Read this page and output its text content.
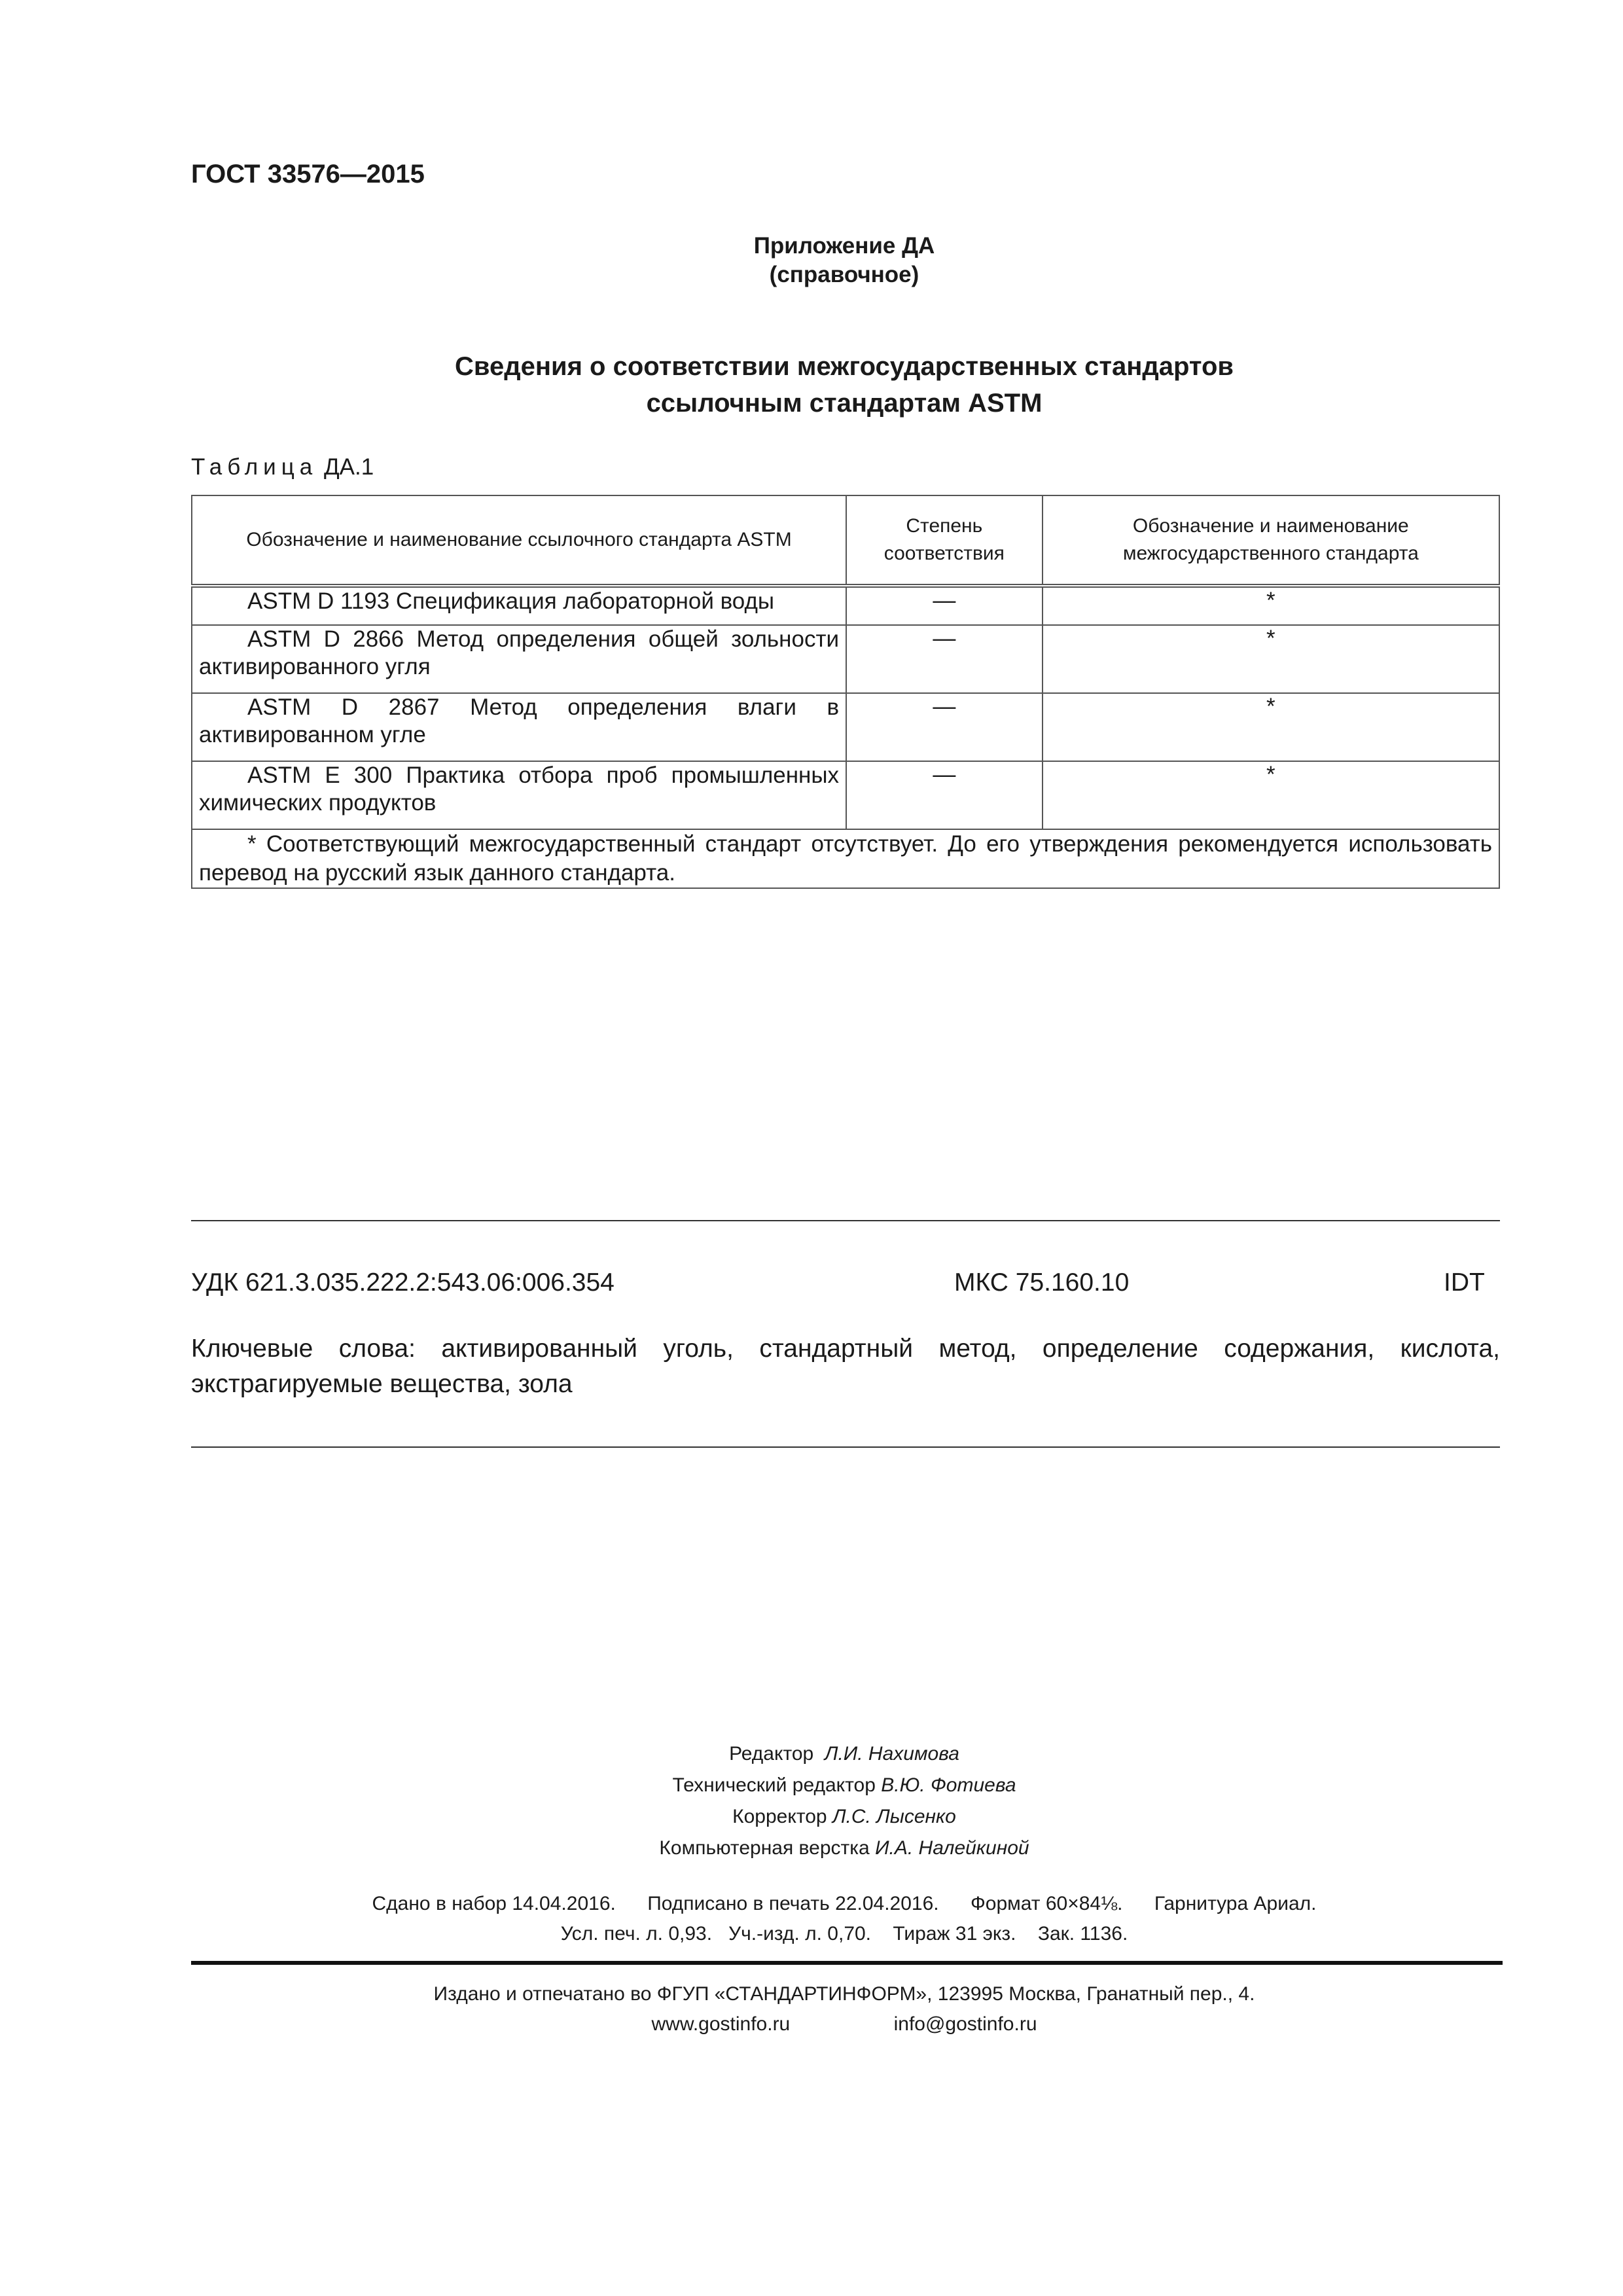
ГОСТ 33576—2015
Приложение ДА
(справочное)
Сведения о соответствии межгосударственных стандартов
ссылочным стандартам ASTM
Таблица ДА.1
Обозначение и наименование ссылочного стандарта ASTM	Степень соответствия	Обозначение и наименование межгосударственного стандарта
ASTM D 1193 Спецификация лабораторной воды	—	*
ASTM D 2866 Метод определения общей зольности активированного угля	—	*
ASTM D 2867 Метод определения влаги в активированном угле	—	*
ASTM E 300 Практика отбора проб промышленных химических продуктов	—	*
* Соответствующий межгосударственный стандарт отсутствует. До его утверждения рекомендуется использовать перевод на русский язык данного стандарта.		
УДК 621.3.035.222.2:543.06:006.354	МКС 75.160.10	IDT
Ключевые слова: активированный уголь, стандартный метод, определение содержания, кислота, экстрагируемые вещества, зола
Редактор Л.И. Нахимова
Технический редактор В.Ю. Фотиева
Корректор Л.С. Лысенко
Компьютерная верстка И.А. Налейкиной
Сдано в набор 14.04.2016. Подписано в печать 22.04.2016. Формат 60×84⅛. Гарнитура Ариал.
Усл. печ. л. 0,93. Уч.-изд. л. 0,70. Тираж 31 экз. Зак. 1136.
Издано и отпечатано во ФГУП «СТАНДАРТИНФОРМ», 123995 Москва, Гранатный пер., 4.
www.gostinfo.ru	info@gostinfo.ru
